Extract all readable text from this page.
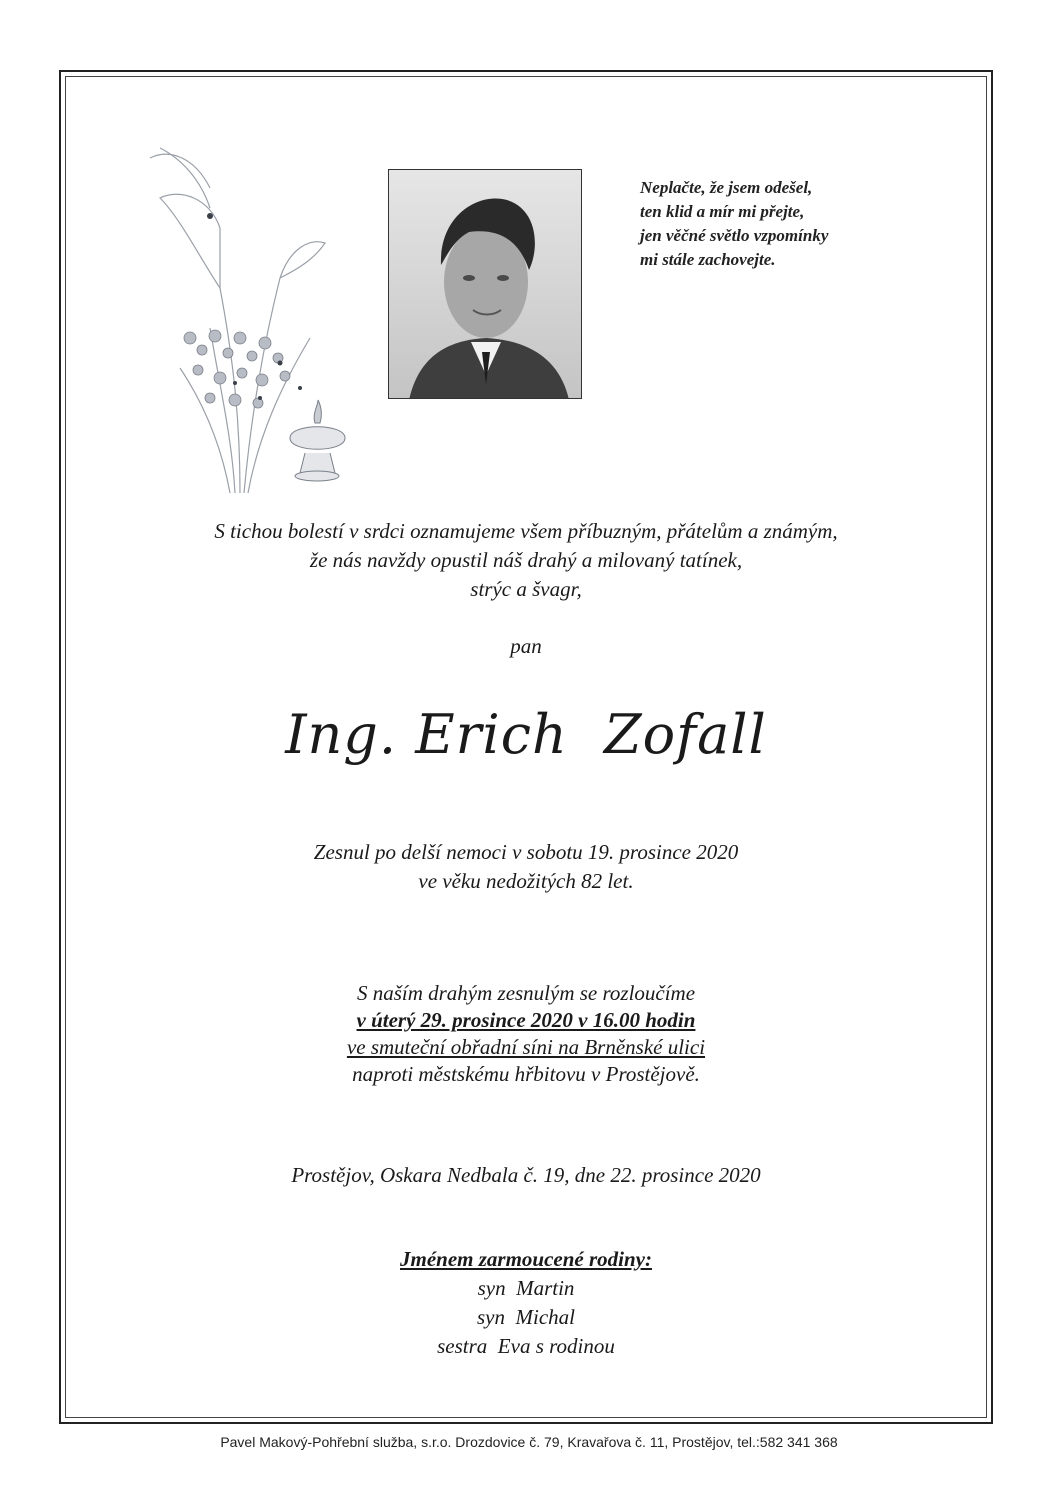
Neplačte, že jsem odešel,
ten klid a mír mi přejte,
jen věčné světlo vzpomínky
mi stále zachovejte.
S tichou bolestí v srdci oznamujeme všem příbuzným, přátelům a známým,
že nás navždy opustil náš drahý a milovaný tatínek,
strýc a švagr,
pan
Ing. Erich  Zofall
Zesnul po delší nemoci v sobotu 19. prosince 2020
ve věku nedožitých 82 let.
S naším drahým zesnulým se rozloučíme
v úterý 29. prosince 2020 v 16.00 hodin
ve smuteční obřadní síni na Brněnské ulici
naproti městskému hřbitovu v Prostějově.
Prostějov, Oskara Nedbala č. 19, dne 22. prosince 2020
Jménem zarmoucené rodiny:
syn  Martin
syn  Michal
sestra  Eva s rodinou
Pavel Makový-Pohřební služba, s.r.o. Drozdovice č. 79, Kravařova č. 11, Prostějov, tel.:582 341 368
